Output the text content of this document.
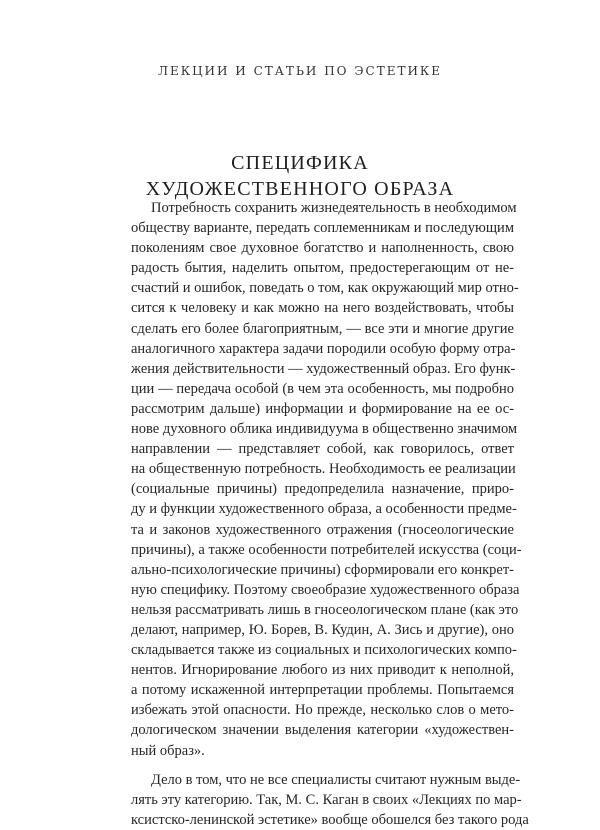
ЛЕКЦИИ И СТАТЬИ ПО ЭСТЕТИКЕ
СПЕЦИФИКА
ХУДОЖЕСТВЕННОГО ОБРАЗА
Потребность сохранить жизнедеятельность в необходимом
обществу варианте, передать соплеменникам и последующим
поколениям свое духовное богатство и наполненность, свою
радость бытия, наделить опытом, предостерегающим от не-
счастий и ошибок, поведать о том, как окружающий мир отно-
сится к человеку и как можно на него воздействовать, чтобы
сделать его более благоприятным, — все эти и многие другие
аналогичного характера задачи породили особую форму отра-
жения действительности — художественный образ. Его функ-
ции — передача особой (в чем эта особенность, мы подробно
рассмотрим дальше) информации и формирование на ее ос-
нове духовного облика индивидуума в общественно значимом
направлении — представляет собой, как говорилось, ответ
на общественную потребность. Необходимость ее реализации
(социальные причины) предопределила назначение, приро-
ду и функции художественного образа, а особенности предме-
та и законов художественного отражения (гносеологические
причины), а также особенности потребителей искусства (соци-
ально-психологические причины) сформировали его конкрет-
ную специфику. Поэтому своеобразие художественного образа
нельзя рассматривать лишь в гносеологическом плане (как это
делают, например, Ю. Борев, В. Кудин, А. Зись и другие), оно
складывается также из социальных и психологических компо-
нентов. Игнорирование любого из них приводит к неполной,
а потому искаженной интерпретации проблемы. Попытаемся
избежать этой опасности. Но прежде, несколько слов о мето-
дологическом значении выделения категории «художествен-
ный образ».
Дело в том, что не все специалисты считают нужным выде-
лять эту категорию. Так, М. С. Каган в своих «Лекциях по мар-
ксистско-ленинской эстетике» вообще обошелся без такого рода
